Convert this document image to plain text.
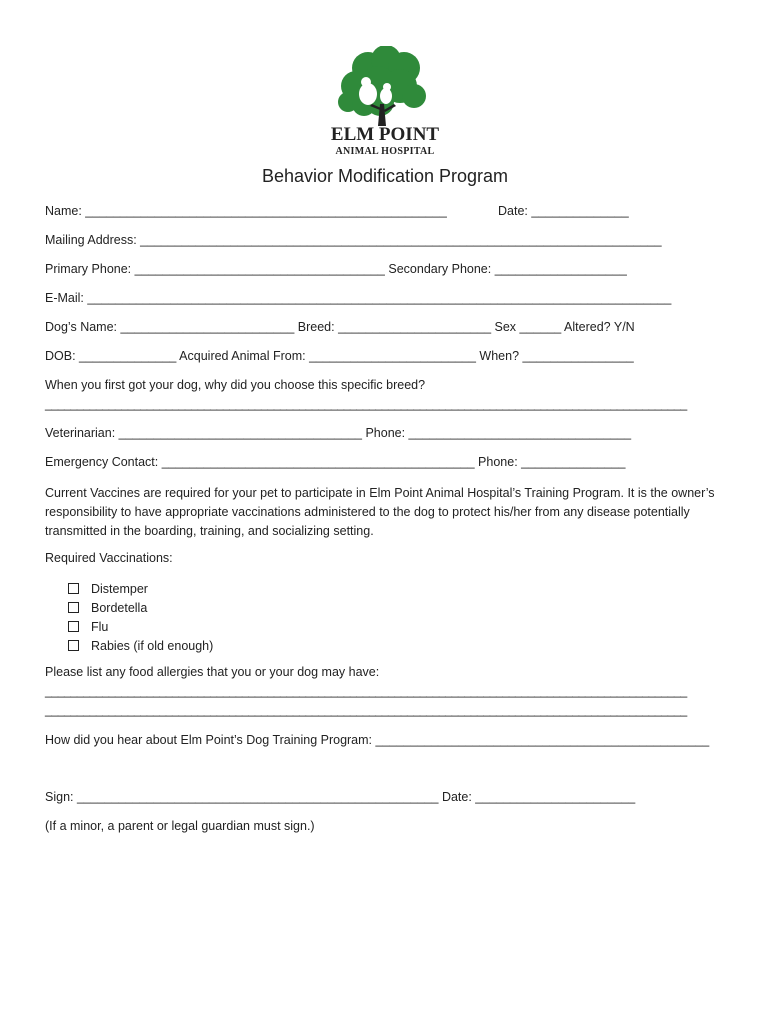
ELM POINT
ANIMAL HOSPITAL
Behavior Modification Program
Name: ____________________________________________________	Date: ______________
Mailing Address: ___________________________________________________________________________
Primary Phone: ____________________________________ Secondary Phone: ___________________
E-Mail: ____________________________________________________________________________________
Dog’s Name: _________________________ Breed: ______________________ Sex ______ Altered? Y/N
DOB: ______________ Acquired Animal From: ________________________ When? ________________
When you first got your dog, why did you choose this specific breed?
_____________________________________________________________________________________________________
Veterinarian: ___________________________________ Phone: ________________________________
Emergency Contact: _____________________________________________ Phone: _______________
Current Vaccines are required for your pet to participate in Elm Point Animal Hospital’s Training Program. It is the owner’s responsibility to have appropriate vaccinations administered to the dog to protect his/her from any disease potentially transmitted in the boarding, training, and socializing setting.
Required Vaccinations:
Distemper
Bordetella
Flu
Rabies (if old enough)
Please list any food allergies that you or your dog may have:
_____________________________________________________________________________________________________
_____________________________________________________________________________________________________
How did you hear about Elm Point’s Dog Training Program: ________________________________________________
Sign: ____________________________________________________ Date: _______________________
(If a minor, a parent or legal guardian must sign.)
